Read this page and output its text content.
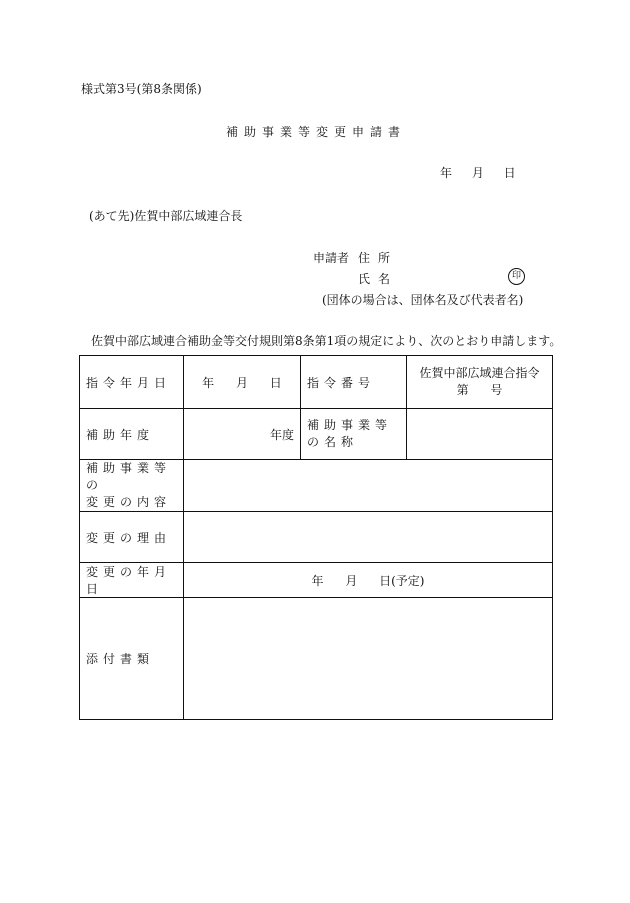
様式第3号(第8条関係)
補助事業等変更申請書
年 月 日
(あて先)佐賀中部広域連合長
申請者 住所
氏名	印
(団体の場合は、団体名及び代表者名)
佐賀中部広域連合補助金等交付規則第8条第1項の規定により、次のとおり申請します。
指令年月日	年 月 日	指令番号	佐賀中部広域連合指令
第 号

補助年度	年度	補助事業等
の名称	

補助事業等の
変更の内容			

変更の理由			
変更の年月日	年 月 日(予定)		
添付書類			
